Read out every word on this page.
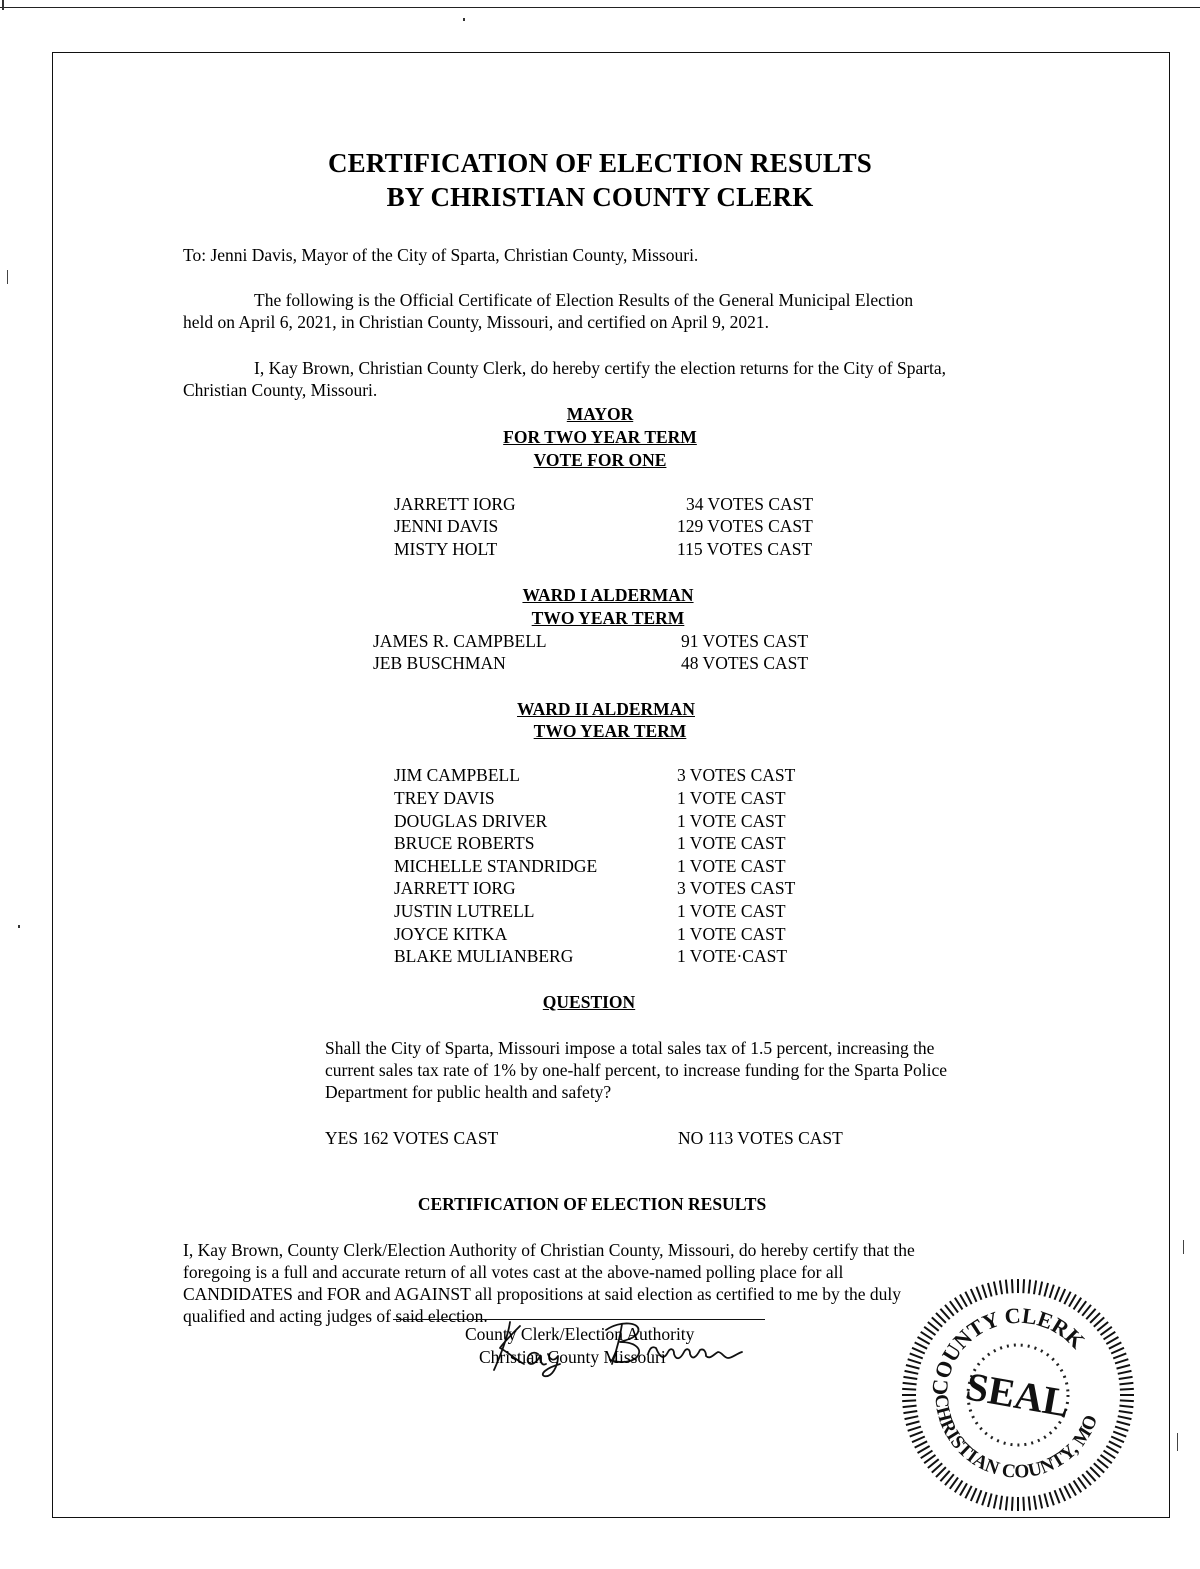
CERTIFICATION OF ELECTION RESULTS
BY CHRISTIAN COUNTY CLERK
To: Jenni Davis, Mayor of the City of Sparta, Christian County, Missouri.
The following is the Official Certificate of Election Results of the General Municipal Election
held on April 6, 2021, in Christian County, Missouri, and certified on April 9, 2021.
I, Kay Brown, Christian County Clerk, do hereby certify the election returns for the City of Sparta,
Christian County, Missouri.
MAYOR
FOR TWO YEAR TERM
VOTE FOR ONE
JARRETT IORG	34 VOTES CAST
JENNI DAVIS	129 VOTES CAST
MISTY HOLT	115 VOTES CAST
WARD I ALDERMAN
TWO YEAR TERM
JAMES R. CAMPBELL	91 VOTES CAST
JEB BUSCHMAN	48 VOTES CAST
WARD II ALDERMAN
TWO YEAR TERM
JIM CAMPBELL	3 VOTES CAST
TREY DAVIS	1 VOTE CAST
DOUGLAS DRIVER	1 VOTE CAST
BRUCE ROBERTS	1 VOTE CAST
MICHELLE STANDRIDGE	1 VOTE CAST
JARRETT IORG	3 VOTES CAST
JUSTIN LUTRELL	1 VOTE CAST
JOYCE KITKA	1 VOTE CAST
BLAKE MULIANBERG	1 VOTE·CAST
QUESTION
Shall the City of Sparta, Missouri impose a total sales tax of 1.5 percent, increasing the
current sales tax rate of 1% by one-half percent, to increase funding for the Sparta Police
Department for public health and safety?
YES 162 VOTES CAST	NO 113 VOTES CAST
CERTIFICATION OF ELECTION RESULTS
I, Kay Brown, County Clerk/Election Authority of Christian County, Missouri, do hereby certify that the
foregoing is a full and accurate return of all votes cast at the above-named polling place for all
CANDIDATES and FOR and AGAINST all propositions at said election as certified to me by the duly
qualified and acting judges of said election.
County Clerk/Election Authority
Christian County Missouri
COUNTY CLERK
CHRISTIAN COUNTY, MO
SEAL
